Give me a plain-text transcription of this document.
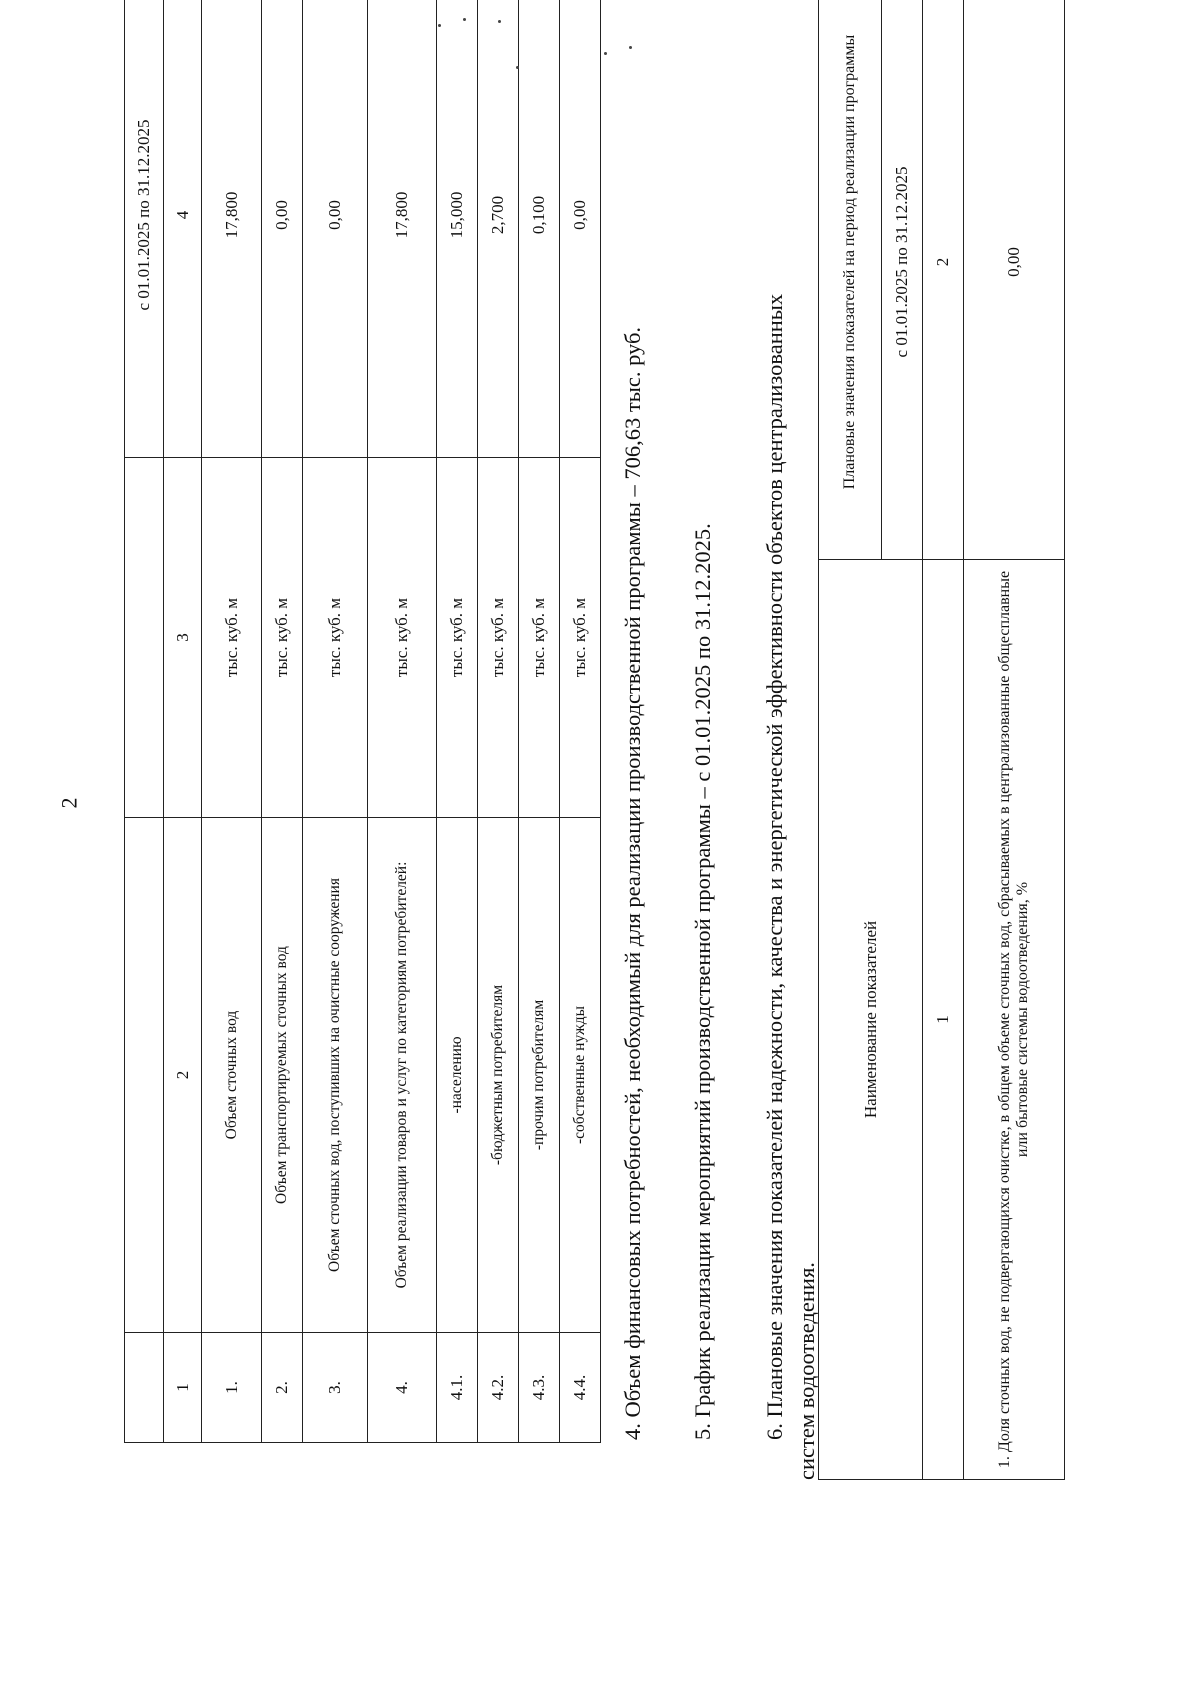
2
			с 01.01.2025 по 31.12.2025
1	2	3	4
1.	Объем сточных вод	тыс. куб. м	17,800
2.	Объем транспортируемых сточных вод	тыс. куб. м	0,00
3.	Объем сточных вод, поступивших на очистные сооружения	тыс. куб. м	0,00
4.	Объем реализации товаров и услуг по категориям потребителей:	тыс. куб. м	17,800
4.1.	-населению	тыс. куб. м	15,000
4.2.	-бюджетным потребителям	тыс. куб. м	2,700
4.3.	-прочим потребителям	тыс. куб. м	0,100
4.4.	-собственные нужды	тыс. куб. м	0,00
4. Объем финансовых потребностей, необходимый для реализации производственной программы – 706,63 тыс. руб. 5. График реализации мероприятий производственной программы – с 01.01.2025 по 31.12.2025. 6. Плановые значения показателей надежности, качества и энергетической эффективности объектов централизованных систем водоотведения.
Наименование показателей	Плановые значения показателей на период реализации программы
	с 01.01.2025 по 31.12.2025
1	2
1. Доля сточных вод, не подвергающихся очистке, в общем объеме сточных вод, сбрасываемых в централизованные общесплавные или бытовые системы водоотведения, %	0,00
